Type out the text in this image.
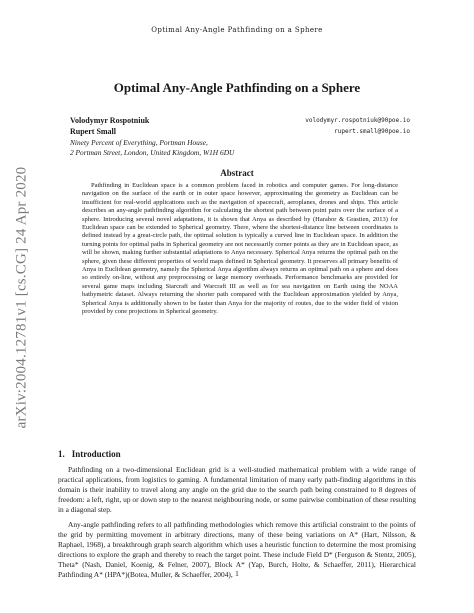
Optimal Any-Angle Pathfinding on a Sphere
arXiv:2004.12781v1 [cs.CG] 24 Apr 2020
Optimal Any-Angle Pathfinding on a Sphere
Volodymyr Rospotniuk	volodymyr.rospotniuk@90poe.io
Rupert Small	rupert.small@90poe.io
Ninety Percent of Everything, Portman House,
2 Portman Street, London, United Kingdom, W1H 6DU
Abstract

Pathfinding in Euclidean space is a common problem faced in robotics and computer games. For long-distance navigation on the surface of the earth or in outer space however, approximating the geometry as Euclidean can be insufficient for real-world applications such as the navigation of spacecraft, aeroplanes, drones and ships. This article describes an any-angle pathfinding algorithm for calculating the shortest path between point pairs over the surface of a sphere. Introducing several novel adaptations, it is shown that Anya as described by (Harabor & Grastien, 2013) for Euclidean space can be extended to Spherical geometry. There, where the shortest-distance line between coordinates is defined instead by a great-circle path, the optimal solution is typically a curved line in Euclidean space. In addition the turning points for optimal paths in Spherical geometry are not necessarily corner points as they are in Euclidean space, as will be shown, making further substantial adaptations to Anya necessary. Spherical Anya returns the optimal path on the sphere, given these different properties of world maps defined in Spherical geometry. It preserves all primary benefits of Anya in Euclidean geometry, namely the Spherical Anya algorithm always returns an optimal path on a sphere and does so entirely on-line, without any preprocessing or large memory overheads. Performance benchmarks are provided for several game maps including Starcraft and Warcraft III as well as for sea navigation on Earth using the NOAA bathymetric dataset. Always returning the shorter path compared with the Euclidean approximation yielded by Anya, Spherical Anya is additionally shown to be faster than Anya for the majority of routes, due to the wider field of vision provided by cone projections in Spherical geometry.

1. Introduction

Pathfinding on a two-dimensional Euclidean grid is a well-studied mathematical problem with a wide range of practical applications, from logistics to gaming. A fundamental limitation of many early path-finding algorithms in this domain is their inability to travel along any angle on the grid due to the search path being constrained to 8 degrees of freedom: a left, right, up or down step to the nearest neighbouring node, or some pairwise combination of these resulting in a diagonal step.

Any-angle pathfinding refers to all pathfinding methodologies which remove this artificial constraint to the points of the grid by permitting movement in arbitrary directions, many of these being variations on A* (Hart, Nilsson, & Raphael, 1968), a breakthrough graph search algorithm which uses a heuristic function to determine the most promising directions to explore the graph and thereby to reach the target point. These include Field D* (Ferguson & Stentz, 2005), Theta* (Nash, Daniel, Koenig, & Felner, 2007), Block A* (Yap, Burch, Holte, & Schaeffer, 2011), Hierarchical Pathfinding A* (HPA*)(Botea, Muller, & Schaeffer, 2004), 1
